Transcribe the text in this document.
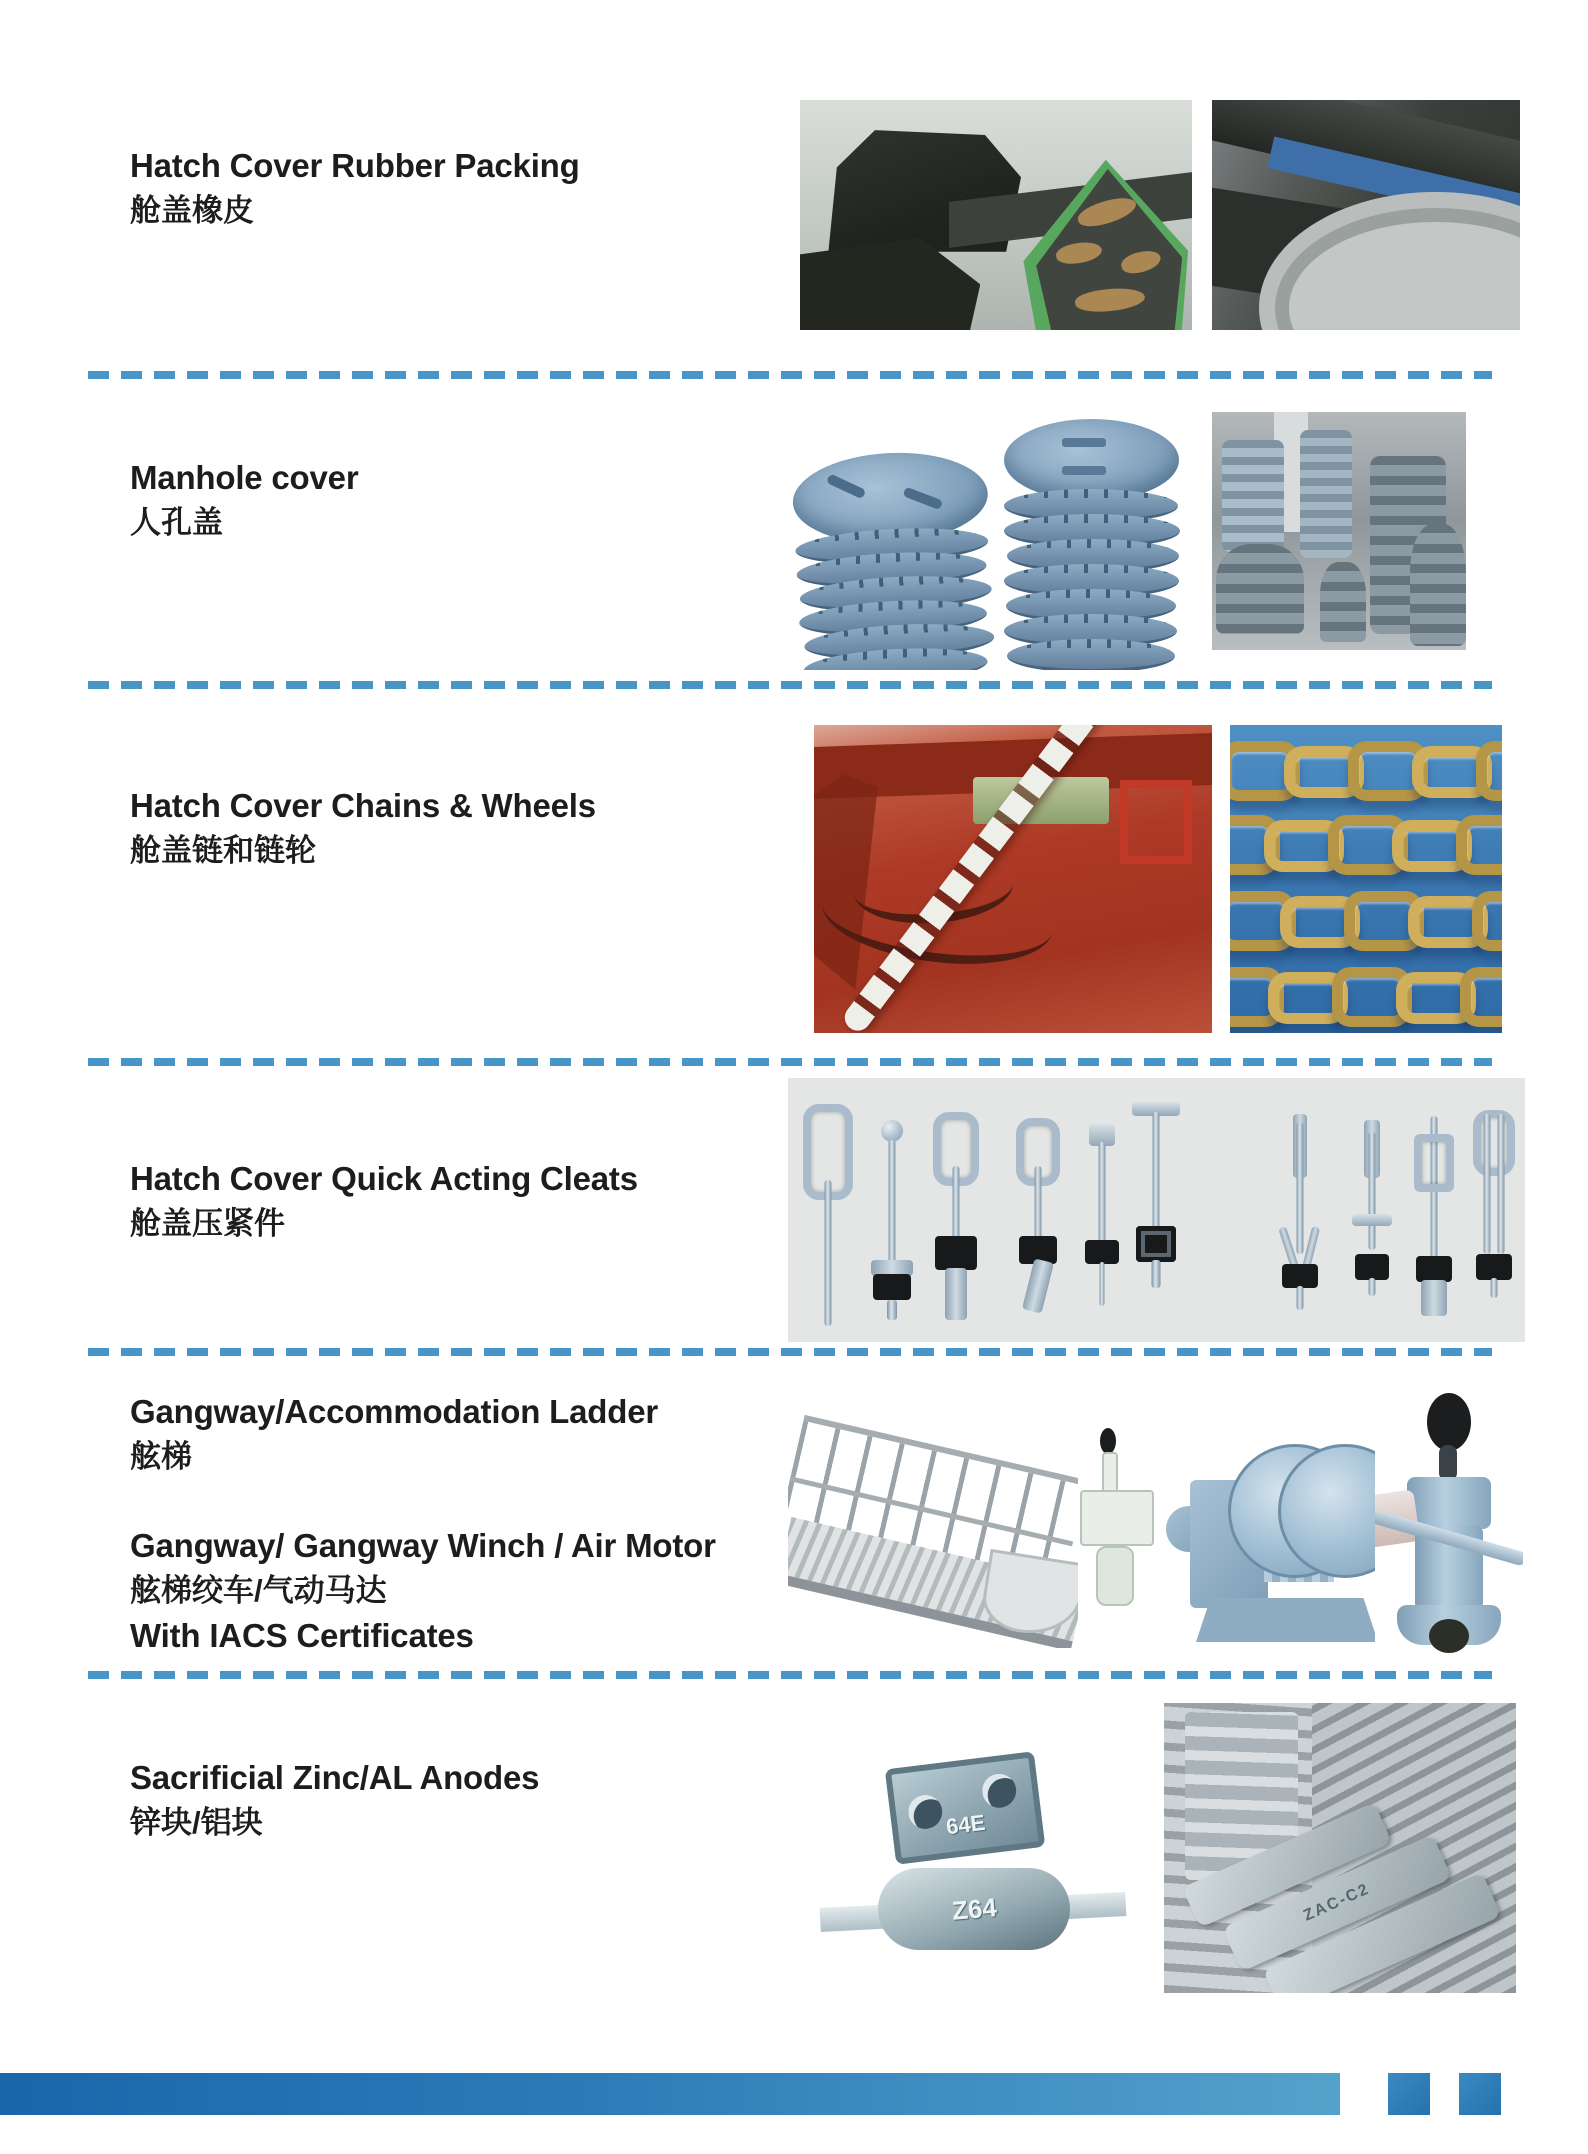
Hatch Cover Rubber Packing
舱盖橡皮
Manhole cover
人孔盖
Hatch Cover Chains & Wheels
舱盖链和链轮
Hatch Cover Quick Acting Cleats
舱盖压紧件
Gangway/Accommodation Ladder
舷梯
Gangway/ Gangway Winch / Air Motor
舷梯绞车/气动马达
With IACS Certificates
Sacrificial Zinc/AL Anodes
锌块/铝块	64E
Z64	ZAC-C2
